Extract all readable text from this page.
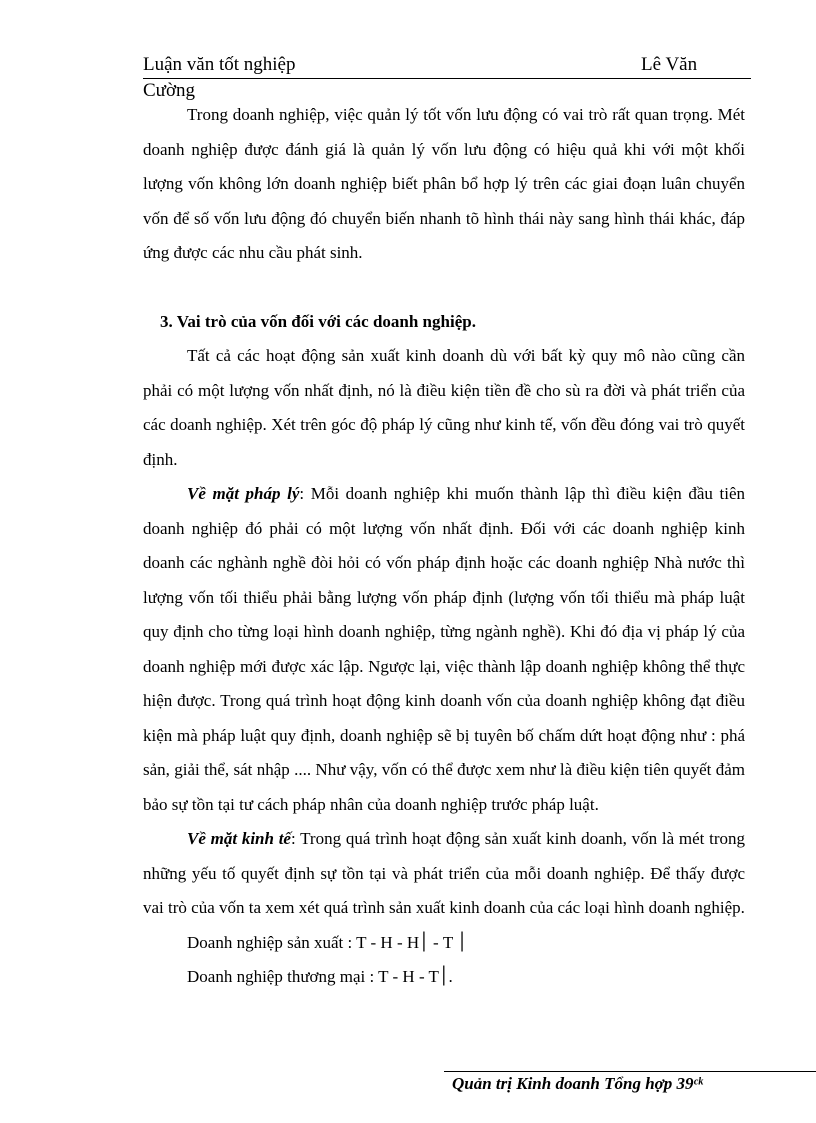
Luận văn tốt nghiệp	Lê Văn
Cường

Trong doanh nghiệp, việc quản lý tốt vốn lưu động có vai trò rất quan trọng. Mét doanh nghiệp được đánh giá là quản lý vốn lưu động có hiệu quả khi với một khối lượng vốn không lớn doanh nghiệp biết phân bổ hợp lý trên các giai đoạn luân chuyển vốn để số vốn lưu động đó chuyển biến nhanh tõ hình thái này sang hình thái khác, đáp ứng được các nhu cầu phát sinh.

3. Vai trò của vốn đối với các doanh nghiệp.

Tất cả các hoạt động sản xuất kinh doanh dù với bất kỳ quy mô nào cũng cần phải có một lượng vốn nhất định, nó là điều kiện tiền đề cho sù ra đời và phát triển của các doanh nghiệp. Xét trên góc độ pháp lý cũng như kinh tế, vốn đều đóng vai trò quyết định.

Về mặt pháp lý: Mỗi doanh nghiệp khi muốn thành lập thì điều kiện đầu tiên doanh nghiệp đó phải có một lượng vốn nhất định. Đối với các doanh nghiệp kinh doanh các nghành nghề đòi hỏi có vốn pháp định hoặc các doanh nghiệp Nhà nước thì lượng vốn tối thiểu phải bằng lượng vốn pháp định (lượng vốn tối thiểu mà pháp luật quy định cho từng loại hình doanh nghiệp, từng ngành nghề). Khi đó địa vị pháp lý của doanh nghiệp mới được xác lập. Ngược lại, việc thành lập doanh nghiệp không thể thực hiện được. Trong quá trình hoạt động kinh doanh vốn của doanh nghiệp không đạt điều kiện mà pháp luật quy định, doanh nghiệp sẽ bị tuyên bố chấm dứt hoạt động như : phá sản, giải thể, sát nhập .... Như vậy, vốn có thể được xem như là điều kiện tiên quyết đảm bảo sự tồn tại tư cách pháp nhân của doanh nghiệp trước pháp luật.

Về mặt kinh tế: Trong quá trình hoạt động sản xuất kinh doanh, vốn là mét trong những yếu tố quyết định sự tồn tại và phát triển của mỗi doanh nghiệp. Để thấy được vai trò của vốn ta xem xét quá trình sản xuất kinh doanh của các loại hình doanh nghiệp.

Doanh nghiệp sản xuất : T - H - H׀ - T ׀

Doanh nghiệp thương mại : T - H - T׀.

Quản trị Kinh doanh Tổng hợp 39ᶜᵏ
